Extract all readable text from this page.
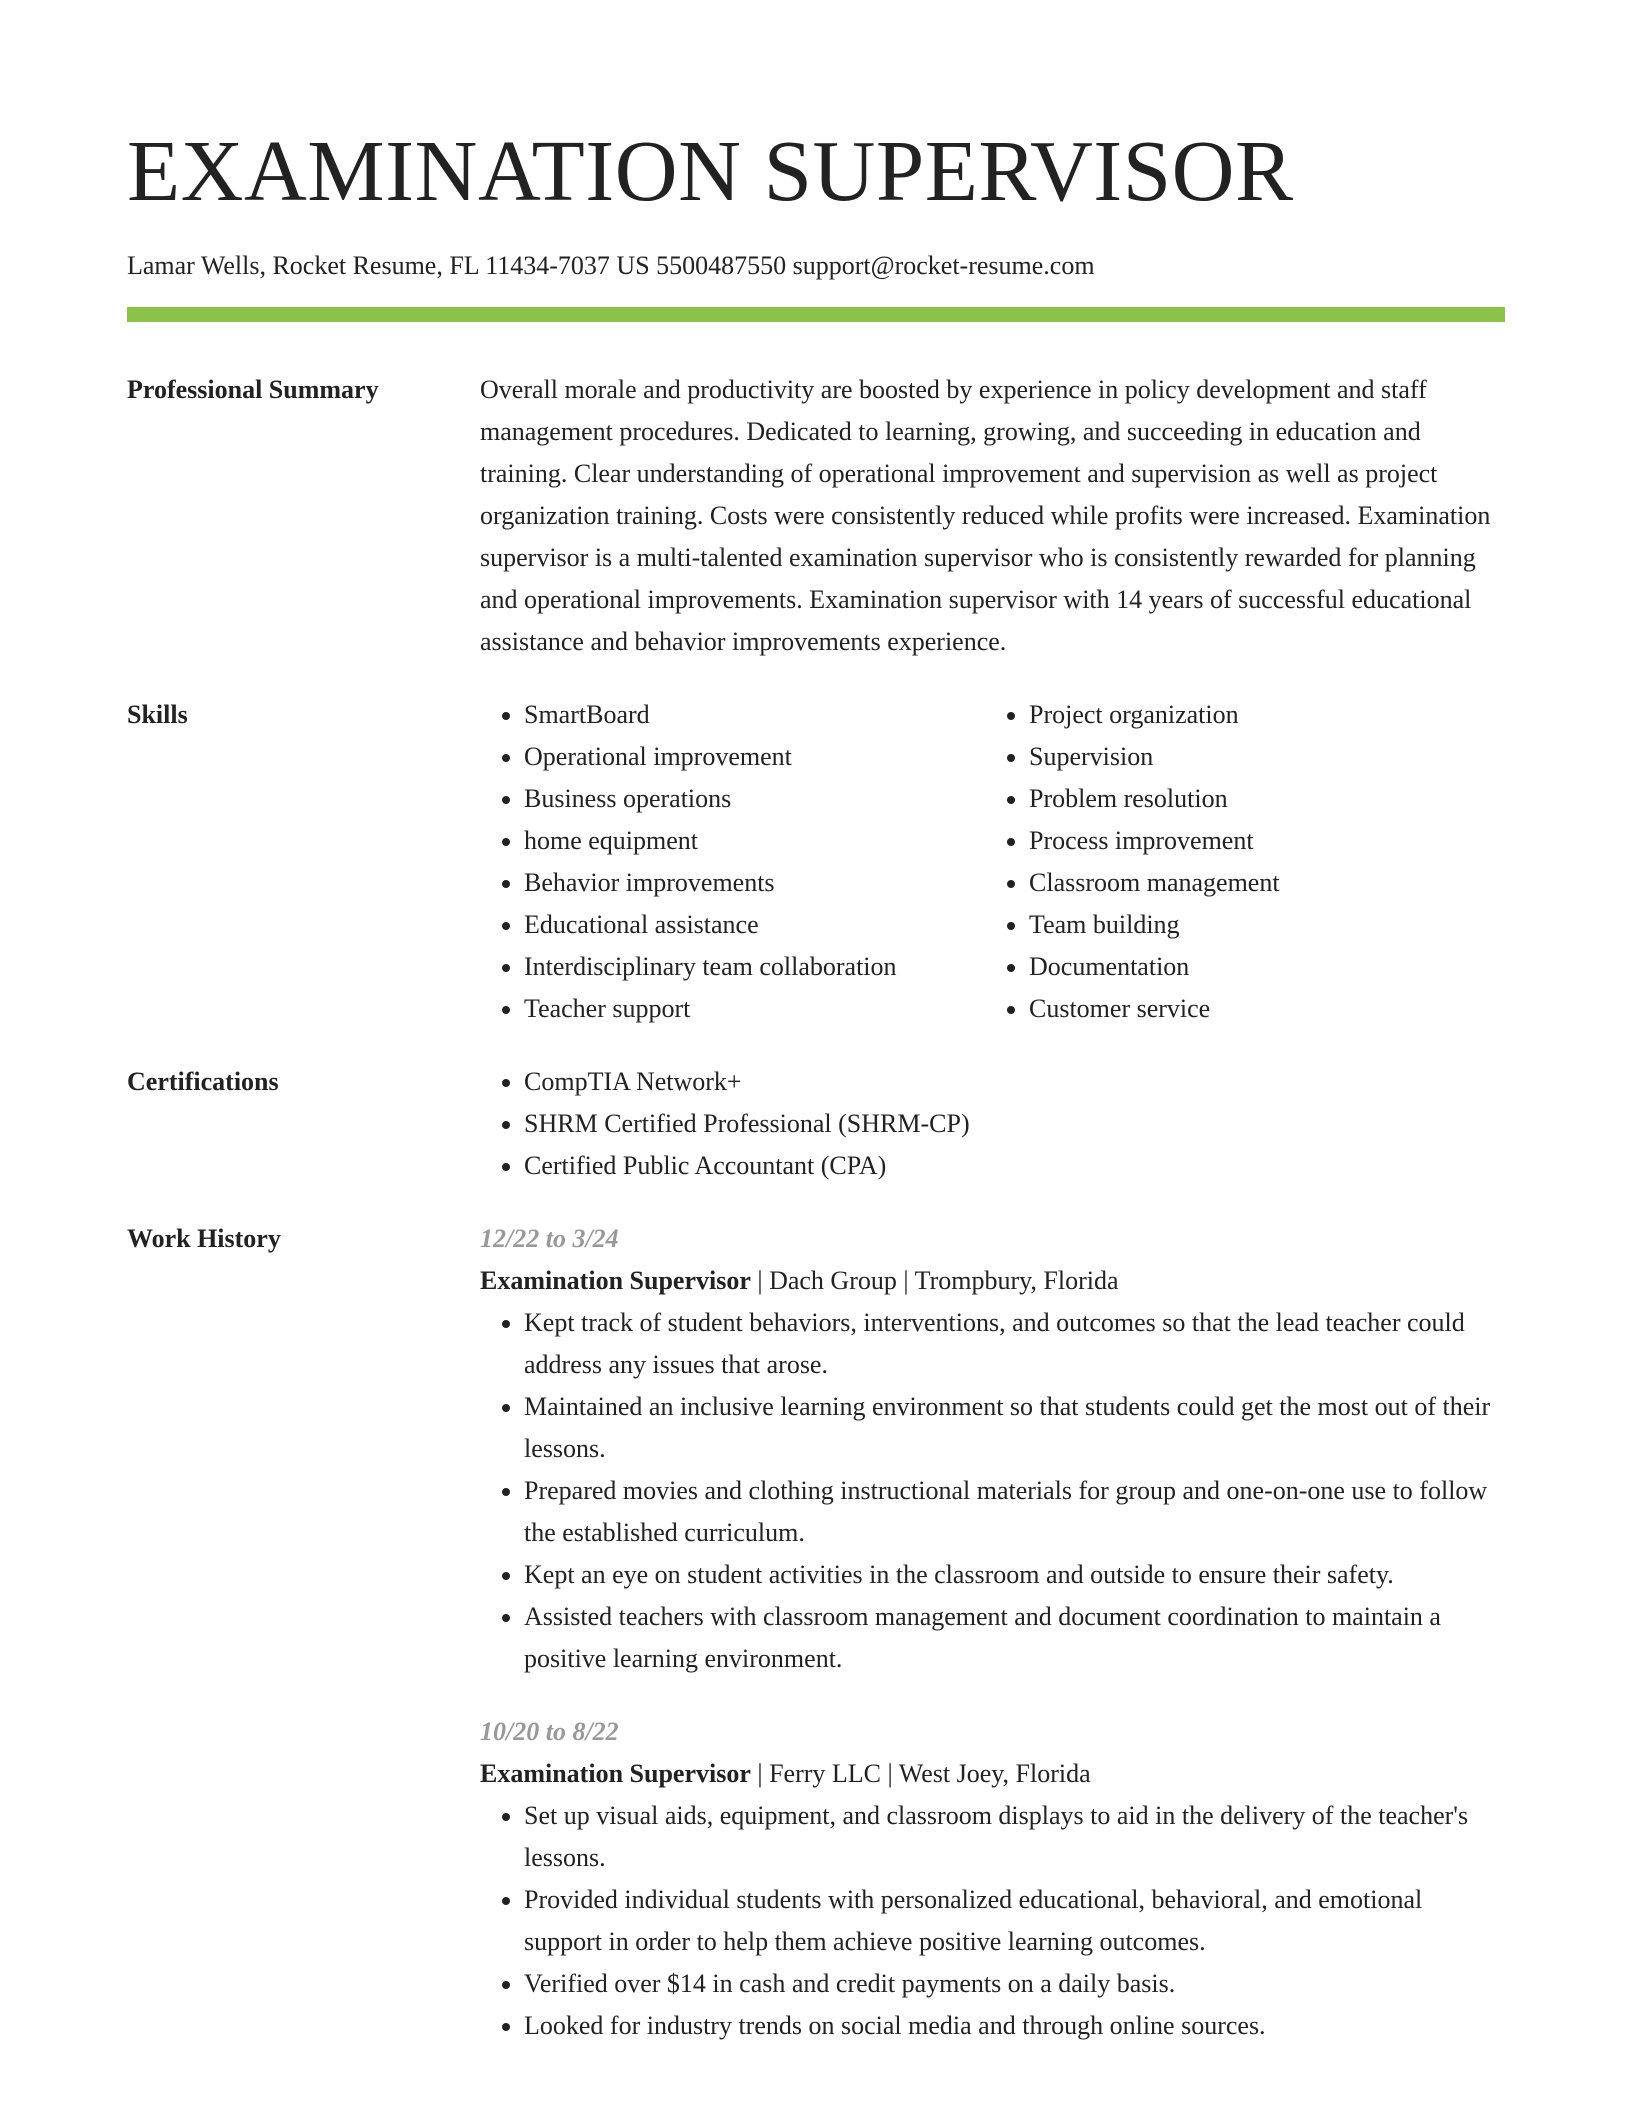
EXAMINATION SUPERVISOR
Lamar Wells, Rocket Resume, FL 11434-7037 US 5500487550 support@rocket-resume.com
Professional Summary	Overall morale and productivity are boosted by experience in policy development and staff management procedures. Dedicated to learning, growing, and succeeding in education and training. Clear understanding of operational improvement and supervision as well as project organization training. Costs were consistently reduced while profits were increased. Examination supervisor is a multi-talented examination supervisor who is consistently rewarded for planning and operational improvements. Examination supervisor with 14 years of successful educational assistance and behavior improvements experience.

Skills	• SmartBoard
• Operational improvement
• Business operations
• home equipment
• Behavior improvements
• Educational assistance
• Interdisciplinary team collaboration
• Teacher support
• Project organization
• Supervision
• Problem resolution
• Process improvement
• Classroom management
• Team building
• Documentation
• Customer service
Certifications	• CompTIA Network+
• SHRM Certified Professional (SHRM-CP)
• Certified Public Accountant (CPA)
Work History	12/22 to 3/24

Examination Supervisor | Dach Group | Trompbury, Florida

• Kept track of student behaviors, interventions, and outcomes so that the lead teacher could address any issues that arose.
• Maintained an inclusive learning environment so that students could get the most out of their lessons.
• Prepared movies and clothing instructional materials for group and one-on-one use to follow the established curriculum.
• Kept an eye on student activities in the classroom and outside to ensure their safety.
• Assisted teachers with classroom management and document coordination to maintain a positive learning environment.

10/20 to 8/22

Examination Supervisor | Ferry LLC | West Joey, Florida

• Set up visual aids, equipment, and classroom displays to aid in the delivery of the teacher's lessons.
• Provided individual students with personalized educational, behavioral, and emotional support in order to help them achieve positive learning outcomes.
• Verified over $14 in cash and credit payments on a daily basis.
• Looked for industry trends on social media and through online sources.
